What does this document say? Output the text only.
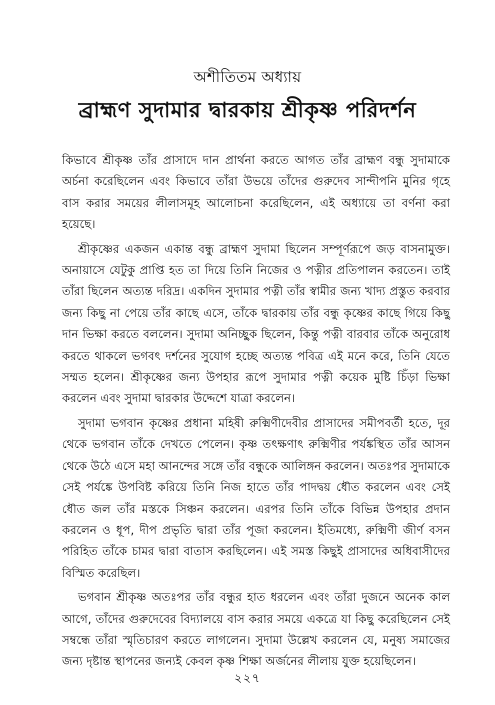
অশীতিতম অধ্যায়
ব্রাহ্মণ সুদামার দ্বারকায় শ্রীকৃষ্ণ পরিদর্শন

কিভাবে শ্রীকৃষ্ণ তাঁর প্রাসাদে দান প্রার্থনা করতে আগত তাঁর ব্রাহ্মণ বন্ধু সুদামাকে অর্চনা করেছিলেন এবং কিভাবে তাঁরা উভয়ে তাঁদের গুরুদেব সান্দীপনি মুনির গৃহে বাস করার সময়ের লীলাসমূহ আলোচনা করেছিলেন, এই অধ্যায়ে তা বর্ণনা করা হয়েছে।

শ্রীকৃষ্ণের একজন একান্ত বন্ধু ব্রাহ্মণ সুদামা ছিলেন সম্পূর্ণরূপে জড় বাসনামুক্ত। অনায়াসে যেটুকু প্রাপ্তি হত তা দিয়ে তিনি নিজের ও পত্নীর প্রতিপালন করতেন। তাই তাঁরা ছিলেন অত্যন্ত দরিদ্র। একদিন সুদামার পত্নী তাঁর স্বামীর জন্য খাদ্য প্রস্তুত করবার জন্য কিছু না পেয়ে তাঁর কাছে এসে, তাঁকে দ্বারকায় তাঁর বন্ধু কৃষ্ণের কাছে গিয়ে কিছু দান ভিক্ষা করতে বললেন। সুদামা অনিচ্ছুক ছিলেন, কিন্তু পত্নী বারবার তাঁকে অনুরোধ করতে থাকলে ভগবৎ দর্শনের সুযোগ হচ্ছে অত্যন্ত পবিত্র এই মনে করে, তিনি যেতে সম্মত হলেন। শ্রীকৃষ্ণের জন্য উপহার রূপে সুদামার পত্নী কয়েক মুষ্টি চিঁড়া ভিক্ষা করলেন এবং সুদামা দ্বারকার উদ্দেশে যাত্রা করলেন।

সুদামা ভগবান কৃষ্ণের প্রধানা মহিষী রুক্মিণীদেবীর প্রাসাদের সমীপবর্তী হতে, দূর থেকে ভগবান তাঁকে দেখতে পেলেন। কৃষ্ণ তৎক্ষণাৎ রুক্মিণীর পর্যঙ্কস্থিত তাঁর আসন থেকে উঠে এসে মহা আনন্দের সঙ্গে তাঁর বন্ধুকে আলিঙ্গন করলেন। অতঃপর সুদামাকে সেই পর্যঙ্কে উপবিষ্ট করিয়ে তিনি নিজ হাতে তাঁর পাদদ্বয় ধৌত করলেন এবং সেই ধৌত জল তাঁর মস্তকে সিঞ্চন করলেন। এরপর তিনি তাঁকে বিভিন্ন উপহার প্রদান করলেন ও ধূপ, দীপ প্রভৃতি দ্বারা তাঁর পূজা করলেন। ইতিমধ্যে, রুক্মিণী জীর্ণ বসন পরিহিত তাঁকে চামর দ্বারা বাতাস করছিলেন। এই সমস্ত কিছুই প্রাসাদের অধিবাসীদের বিস্মিত করেছিল।

ভগবান শ্রীকৃষ্ণ অতঃপর তাঁর বন্ধুর হাত ধরলেন এবং তাঁরা দুজনে অনেক কাল আগে, তাঁদের গুরুদেবের বিদ্যালয়ে বাস করার সময়ে একত্রে যা কিছু করেছিলেন সেই সম্বন্ধে তাঁরা স্মৃতিচারণ করতে লাগলেন। সুদামা উল্লেখ করলেন যে, মনুষ্য সমাজের জন্য দৃষ্টান্ত স্থাপনের জন্যই কেবল কৃষ্ণ শিক্ষা অর্জনের লীলায় যুক্ত হয়েছিলেন।

২২৭
